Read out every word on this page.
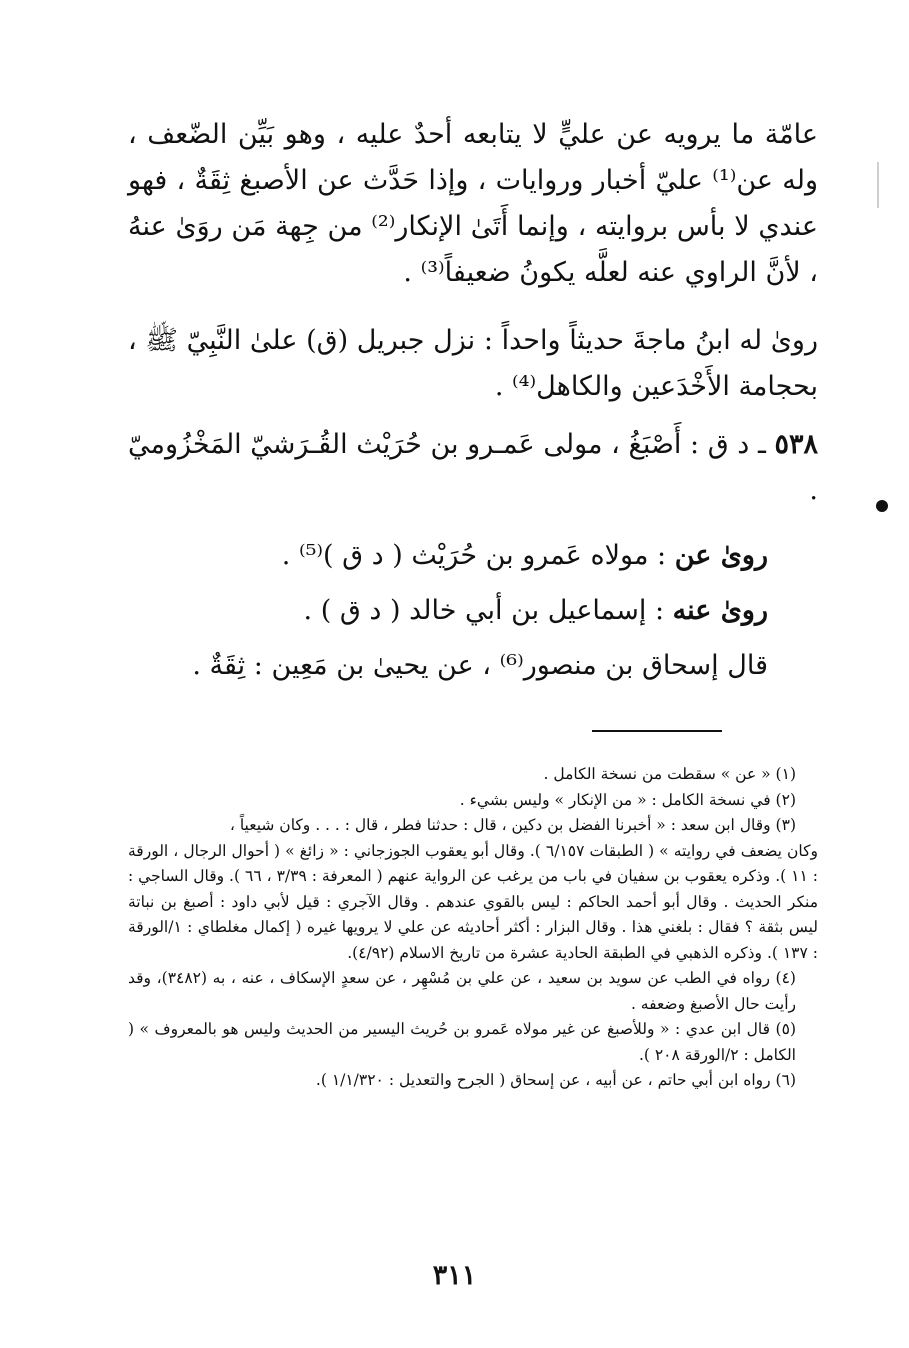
عامّة ما يرويه عن عليٍّ لا يتابعه أحدٌ عليه ، وهو بَيِّن الضّعف ، وله عن⁽¹⁾ عليّ أخبار وروايات ، وإذا حَدَّث عن الأصبغ ثِقَةٌ ، فهو عندي لا بأس بروايته ، وإنما أَتَىٰ الإنكار⁽²⁾ من جِهة مَن روَىٰ عنهُ ، لأنَّ الراوي عنه لعلَّه يكونُ ضعيفاً⁽³⁾ .

روىٰ له ابنُ ماجةَ حديثاً واحداً : نزل جبريل (ق) علىٰ النَّبِيّ ﷺ ، بحجامة الأَخْدَعين والكاهل⁽⁴⁾ .

٥٣٨ ـ د ق : أَصْبَغُ ، مولى عَمـرو بن حُرَيْث القُـرَشيّ المَخْزُوميّ .

روىٰ عن : مولاه عَمرو بن حُرَيْث ( د ق )⁽⁵⁾ .

روىٰ عنه : إسماعيل بن أبي خالد ( د ق ) .

قال إسحاق بن منصور⁽⁶⁾ ، عن يحيىٰ بن مَعِين : ثِقَةٌ .

(١) « عن » سقطت من نسخة الكامل .

(٢) في نسخة الكامل : « من الإنكار » وليس بشيء .

(٣) وقال ابن سعد : « أخبرنا الفضل بن دكين ، قال : حدثنا فطر ، قال : . . . وكان شيعياً ،

وكان يضعف في روايته » ( الطبقات ٦/١٥٧ ). وقال أبو يعقوب الجوزجاني : « زائغ » ( أحوال الرجال ، الورقة : ١١ ). وذكره يعقوب بن سفيان في باب من يرغب عن الرواية عنهم ( المعرفة : ٣/٣٩ ، ٦٦ ). وقال الساجي : منكر الحديث . وقال أبو أحمد الحاكم : ليس بالقوي عندهم . وقال الآجري : قيل لأبي داود : أصبغ بن نباتة ليس بثقة ؟ فقال : بلغني هذا . وقال البزار : أكثر أحاديثه عن علي لا يرويها غيره ( إكمال مغلطاي : ١/الورقة : ١٣٧ ). وذكره الذهبي في الطبقة الحادية عشرة من تاريخ الاسلام (٤/٩٢).

(٤) رواه في الطب عن سويد بن سعيد ، عن علي بن مُسْهِر ، عن سعدٍ الإسكاف ، عنه ، به (٣٤٨٢)، وقد رأيت حال الأصبغ وضعفه .

(٥) قال ابن عدي : « وللأصبغ عن غير مولاه عَمرو بن حُريث اليسير من الحديث وليس هو بالمعروف » ( الكامل : ٢/الورقة ٢٠٨ ).

(٦) رواه ابن أبي حاتم ، عن أبيه ، عن إسحاق ( الجرح والتعديل : ١/١/٣٢٠ ).

٣١١
